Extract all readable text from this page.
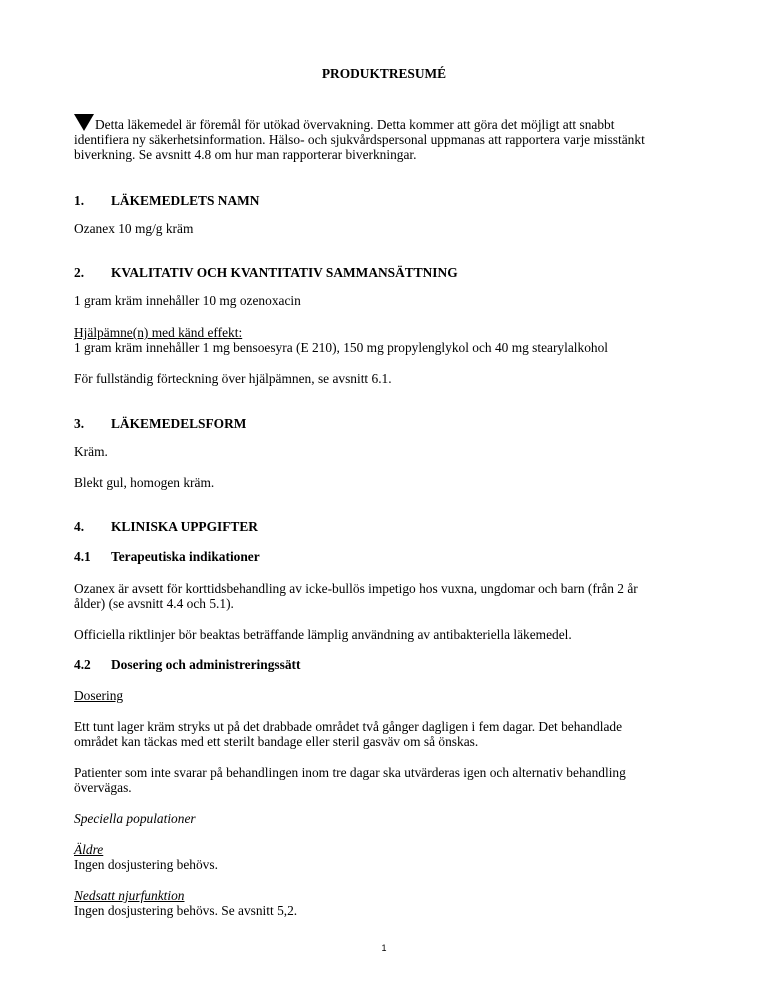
PRODUKTRESUMÉ
Detta läkemedel är föremål för utökad övervakning. Detta kommer att göra det möjligt att snabbt
identifiera ny säkerhetsinformation. Hälso- och sjukvårdspersonal uppmanas att rapportera varje misstänkt
biverkning. Se avsnitt 4.8 om hur man rapporterar biverkningar.
1. LÄKEMEDLETS NAMN
Ozanex 10 mg/g kräm
2. KVALITATIV OCH KVANTITATIV SAMMANSÄTTNING
1 gram kräm innehåller 10 mg ozenoxacin
Hjälpämne(n) med känd effekt:
1 gram kräm innehåller 1 mg bensoesyra (E 210), 150 mg propylenglykol och 40 mg stearylalkohol
För fullständig förteckning över hjälpämnen, se avsnitt 6.1.
3. LÄKEMEDELSFORM
Kräm.
Blekt gul, homogen kräm.
4. KLINISKA UPPGIFTER
4.1 Terapeutiska indikationer
Ozanex är avsett för korttidsbehandling av icke-bullös impetigo hos vuxna, ungdomar och barn (från 2 år
ålder) (se avsnitt 4.4 och 5.1).
Officiella riktlinjer bör beaktas beträffande lämplig användning av antibakteriella läkemedel.
4.2 Dosering och administreringssätt
Dosering
Ett tunt lager kräm stryks ut på det drabbade området två gånger dagligen i fem dagar. Det behandlade
området kan täckas med ett sterilt bandage eller steril gasväv om så önskas.
Patienter som inte svarar på behandlingen inom tre dagar ska utvärderas igen och alternativ behandling
övervägas.
Speciella populationer
Äldre
Ingen dosjustering behövs.
Nedsatt njurfunktion
Ingen dosjustering behövs. Se avsnitt 5,2.
1
